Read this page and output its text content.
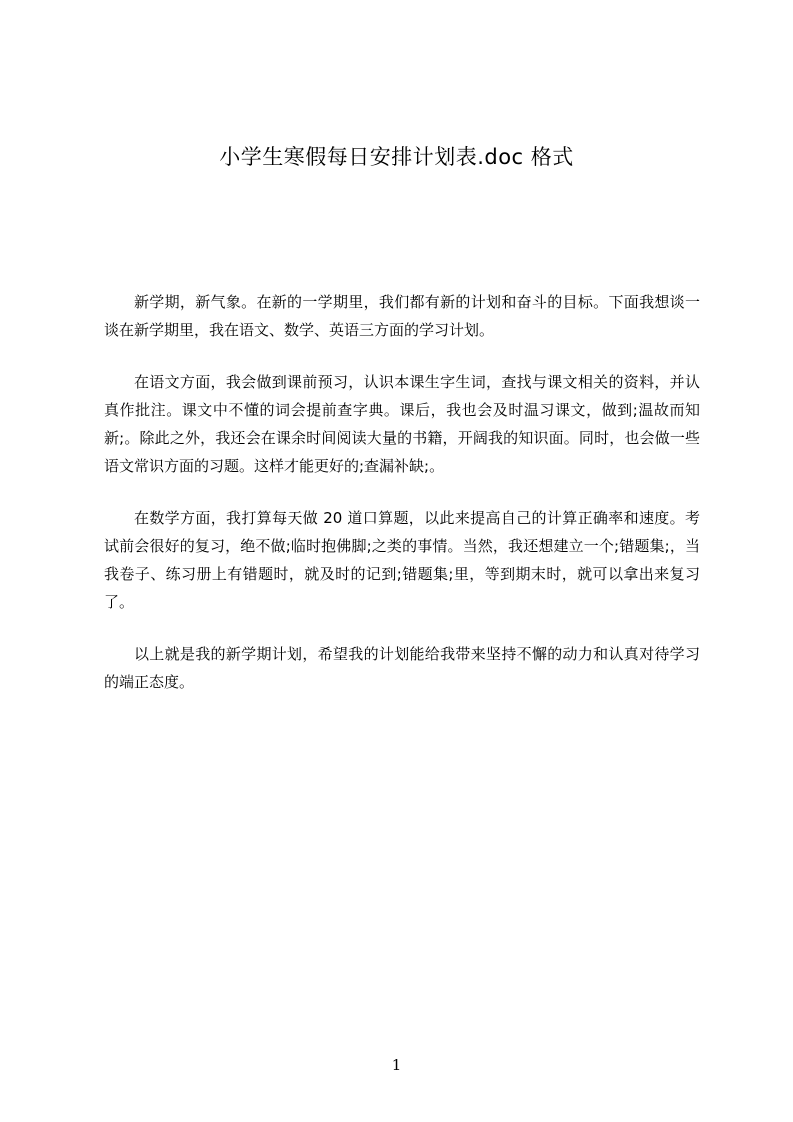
小学生寒假每日安排计划表.doc 格式

新学期，新气象。在新的一学期里，我们都有新的计划和奋斗的目标。下面我想谈一谈在新学期里，我在语文、数学、英语三方面的学习计划。

在语文方面，我会做到课前预习，认识本课生字生词，查找与课文相关的资料，并认真作批注。课文中不懂的词会提前查字典。课后，我也会及时温习课文，做到;温故而知新;。除此之外，我还会在课余时间阅读大量的书籍，开阔我的知识面。同时，也会做一些语文常识方面的习题。这样才能更好的;查漏补缺;。

在数学方面，我打算每天做 20 道口算题，以此来提高自己的计算正确率和速度。考试前会很好的复习，绝不做;临时抱佛脚;之类的事情。当然，我还想建立一个;错题集;，当我卷子、练习册上有错题时，就及时的记到;错题集;里，等到期末时，就可以拿出来复习了。

以上就是我的新学期计划，希望我的计划能给我带来坚持不懈的动力和认真对待学习的端正态度。

1
